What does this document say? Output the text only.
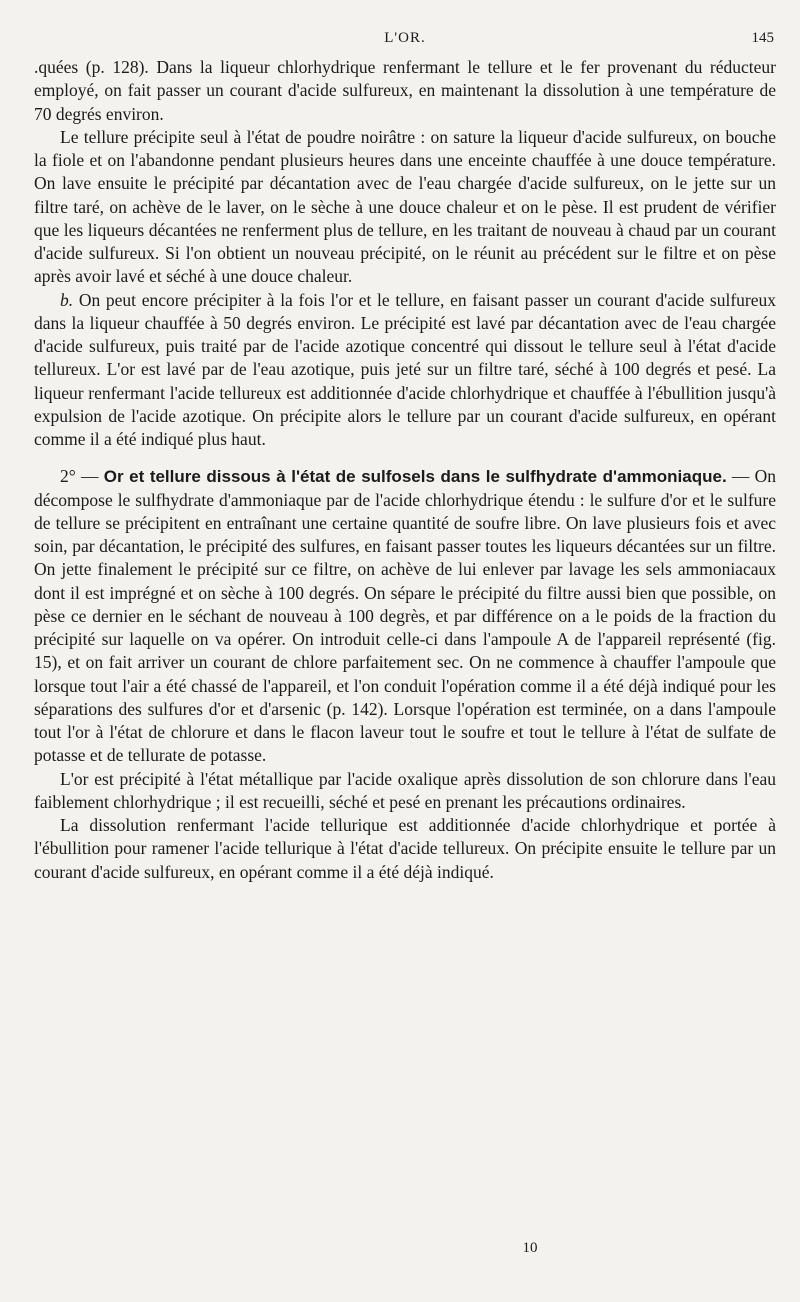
L'OR.	145

.quées (p. 128). Dans la liqueur chlorhydrique renfermant le tellure et le fer provenant du réducteur employé, on fait passer un courant d'acide sulfureux, en maintenant la dissolution à une température de 70 degrés environ.

Le tellure précipite seul à l'état de poudre noirâtre : on sature la liqueur d'acide sulfureux, on bouche la fiole et on l'abandonne pendant plusieurs heures dans une enceinte chauffée à une douce température. On lave ensuite le précipité par décantation avec de l'eau chargée d'acide sulfureux, on le jette sur un filtre taré, on achève de le laver, on le sèche à une douce chaleur et on le pèse. Il est prudent de vérifier que les liqueurs décantées ne renferment plus de tellure, en les traitant de nouveau à chaud par un courant d'acide sulfureux. Si l'on obtient un nouveau précipité, on le réunit au précédent sur le filtre et on pèse après avoir lavé et séché à une douce chaleur.

b. On peut encore précipiter à la fois l'or et le tellure, en faisant passer un courant d'acide sulfureux dans la liqueur chauffée à 50 degrés environ. Le précipité est lavé par décantation avec de l'eau chargée d'acide sulfureux, puis traité par de l'acide azotique concentré qui dissout le tellure seul à l'état d'acide tellureux. L'or est lavé par de l'eau azotique, puis jeté sur un filtre taré, séché à 100 degrés et pesé. La liqueur renfermant l'acide tellureux est additionnée d'acide chlorhydrique et chauffée à l'ébullition jusqu'à expulsion de l'acide azotique. On précipite alors le tellure par un courant d'acide sulfureux, en opérant comme il a été indiqué plus haut.

2° — Or et tellure dissous à l'état de sulfosels dans le sulfhydrate d'ammoniaque. — On décompose le sulfhydrate d'ammoniaque par de l'acide chlorhydrique étendu : le sulfure d'or et le sulfure de tellure se précipitent en entraînant une certaine quantité de soufre libre. On lave plusieurs fois et avec soin, par décantation, le précipité des sulfures, en faisant passer toutes les liqueurs décantées sur un filtre. On jette finalement le précipité sur ce filtre, on achève de lui enlever par lavage les sels ammoniacaux dont il est imprégné et on sèche à 100 degrés. On sépare le précipité du filtre aussi bien que possible, on pèse ce dernier en le séchant de nouveau à 100 degrès, et par différence on a le poids de la fraction du précipité sur laquelle on va opérer. On introduit celle-ci dans l'ampoule A de l'appareil représenté (fig. 15), et on fait arriver un courant de chlore parfaitement sec. On ne commence à chauffer l'ampoule que lorsque tout l'air a été chassé de l'appareil, et l'on conduit l'opération comme il a été déjà indiqué pour les séparations des sulfures d'or et d'arsenic (p. 142). Lorsque l'opération est terminée, on a dans l'ampoule tout l'or à l'état de chlorure et dans le flacon laveur tout le soufre et tout le tellure à l'état de sulfate de potasse et de tellurate de potasse.

L'or est précipité à l'état métallique par l'acide oxalique après dissolution de son chlorure dans l'eau faiblement chlorhydrique ; il est recueilli, séché et pesé en prenant les précautions ordinaires.

La dissolution renfermant l'acide tellurique est additionnée d'acide chlorhydrique et portée à l'ébullition pour ramener l'acide tellurique à l'état d'acide tellureux. On précipite ensuite le tellure par un courant d'acide sulfureux, en opérant comme il a été déjà indiqué.

10
